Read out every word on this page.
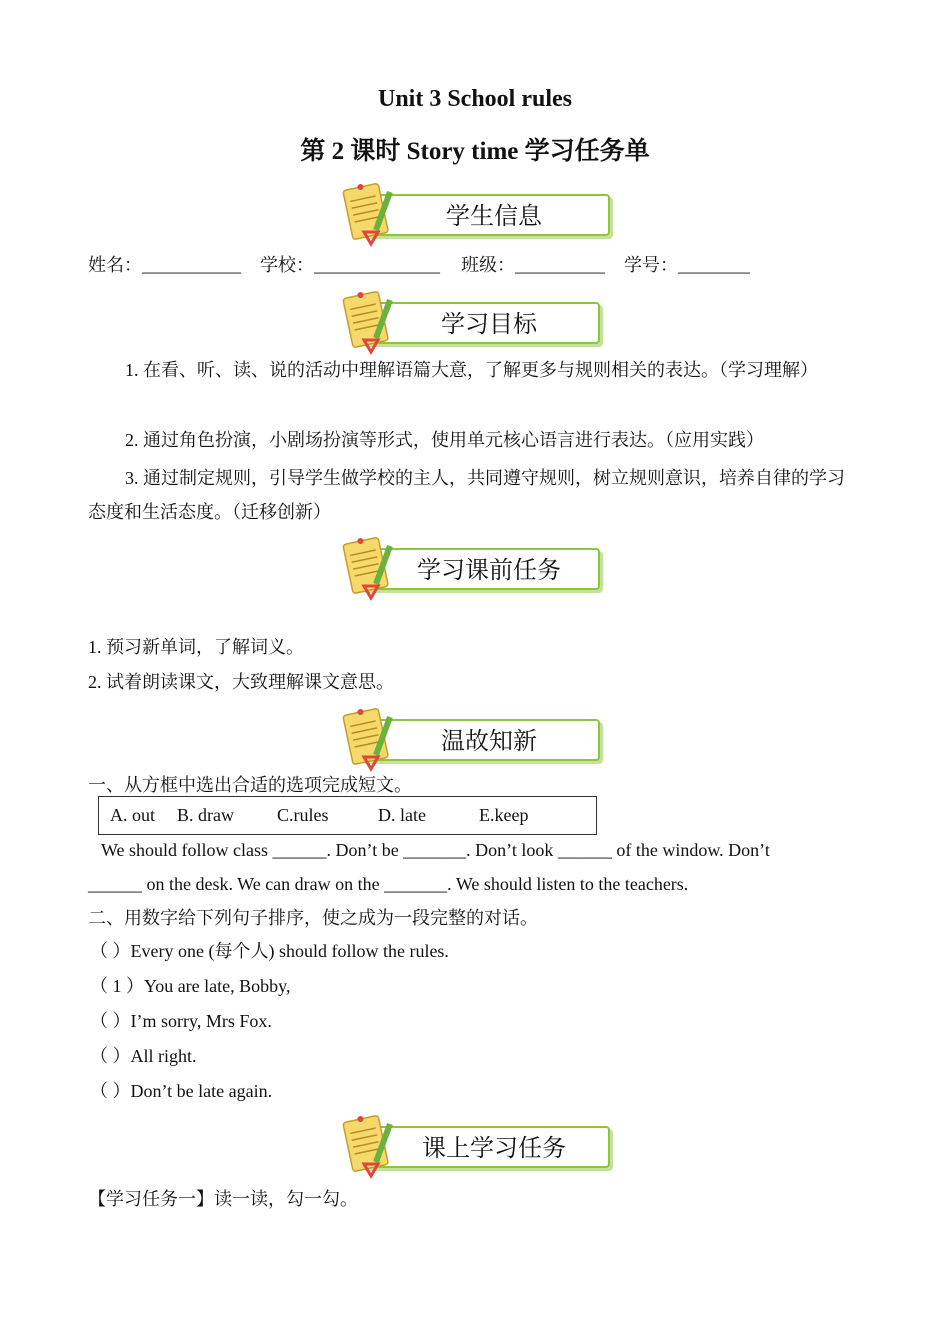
Unit 3 School rules
第 2 课时 Story time 学习任务单
学生信息
姓名：___________ 学校：______________ 班级：__________ 学号：________
学习目标
1. 在看、听、读、说的活动中理解语篇大意，了解更多与规则相关的表达。（学习理解）
2. 通过角色扮演，小剧场扮演等形式，使用单元核心语言进行表达。（应用实践）
3. 通过制定规则，引导学生做学校的主人，共同遵守规则，树立规则意识，培养自律的学习态度和生活态度。（迁移创新）
学习课前任务
1. 预习新单词，了解词义。
2. 试着朗读课文，大致理解课文意思。
温故知新
一、从方框中选出合适的选项完成短文。
A. out B. draw C.rules	D. late	E.keep
We should follow class ______. Don’t be _______. Don’t look ______ of the window. Don’t
______ on the desk. We can draw on the _______. We should listen to the teachers.
二、用数字给下列句子排序，使之成为一段完整的对话。
（ ）Every one (每个人) should follow the rules.
（ 1 ）You are late, Bobby,
（ ）I’m sorry, Mrs Fox.
（ ）All right.
（ ）Don’t be late again.
课上学习任务
【学习任务一】读一读，勾一勾。
